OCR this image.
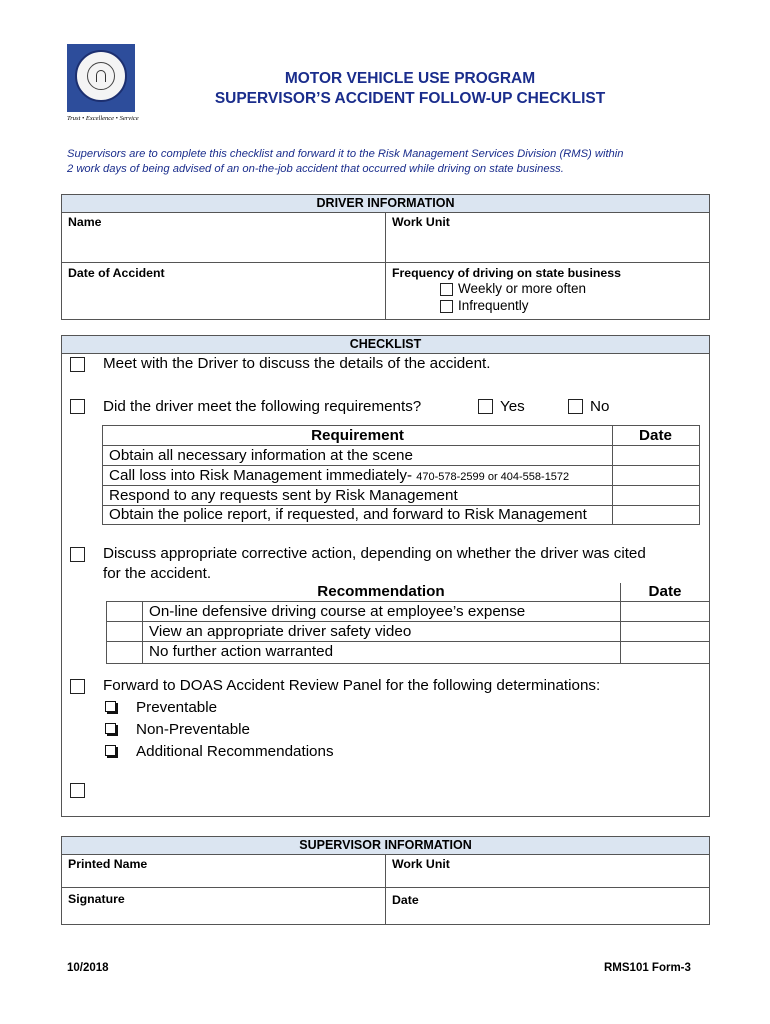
Trust • Excellence • Service
MOTOR VEHICLE USE PROGRAM
SUPERVISOR’S ACCIDENT FOLLOW-UP CHECKLIST
Supervisors are to complete this checklist and forward it to the Risk Management Services Division (RMS) within
2 work days of being advised of an on-the-job accident that occurred while driving on state business.
DRIVER INFORMATION
Name	Work Unit
Date of Accident	Frequency of driving on state business
Weekly or more often
Infrequently
CHECKLIST
Meet with the Driver to discuss the details of the accident.
Did the driver meet the following requirements?	Yes	No
Requirement	Date
Obtain all necessary information at the scene
Call loss into Risk Management immediately- 470-578-2599 or 404-558-1572
Respond to any requests sent by Risk Management
Obtain the police report, if requested, and forward to Risk Management
Discuss appropriate corrective action, depending on whether the driver was cited
for the accident.
Recommendation	Date
On-line defensive driving course at employee’s expense
View an appropriate driver safety video
No further action warranted
Forward to DOAS Accident Review Panel for the following determinations:
Preventable
Non-Preventable
Additional Recommendations
SUPERVISOR INFORMATION
Printed Name	Work Unit
Signature	Date
10/2018	RMS101 Form-3
